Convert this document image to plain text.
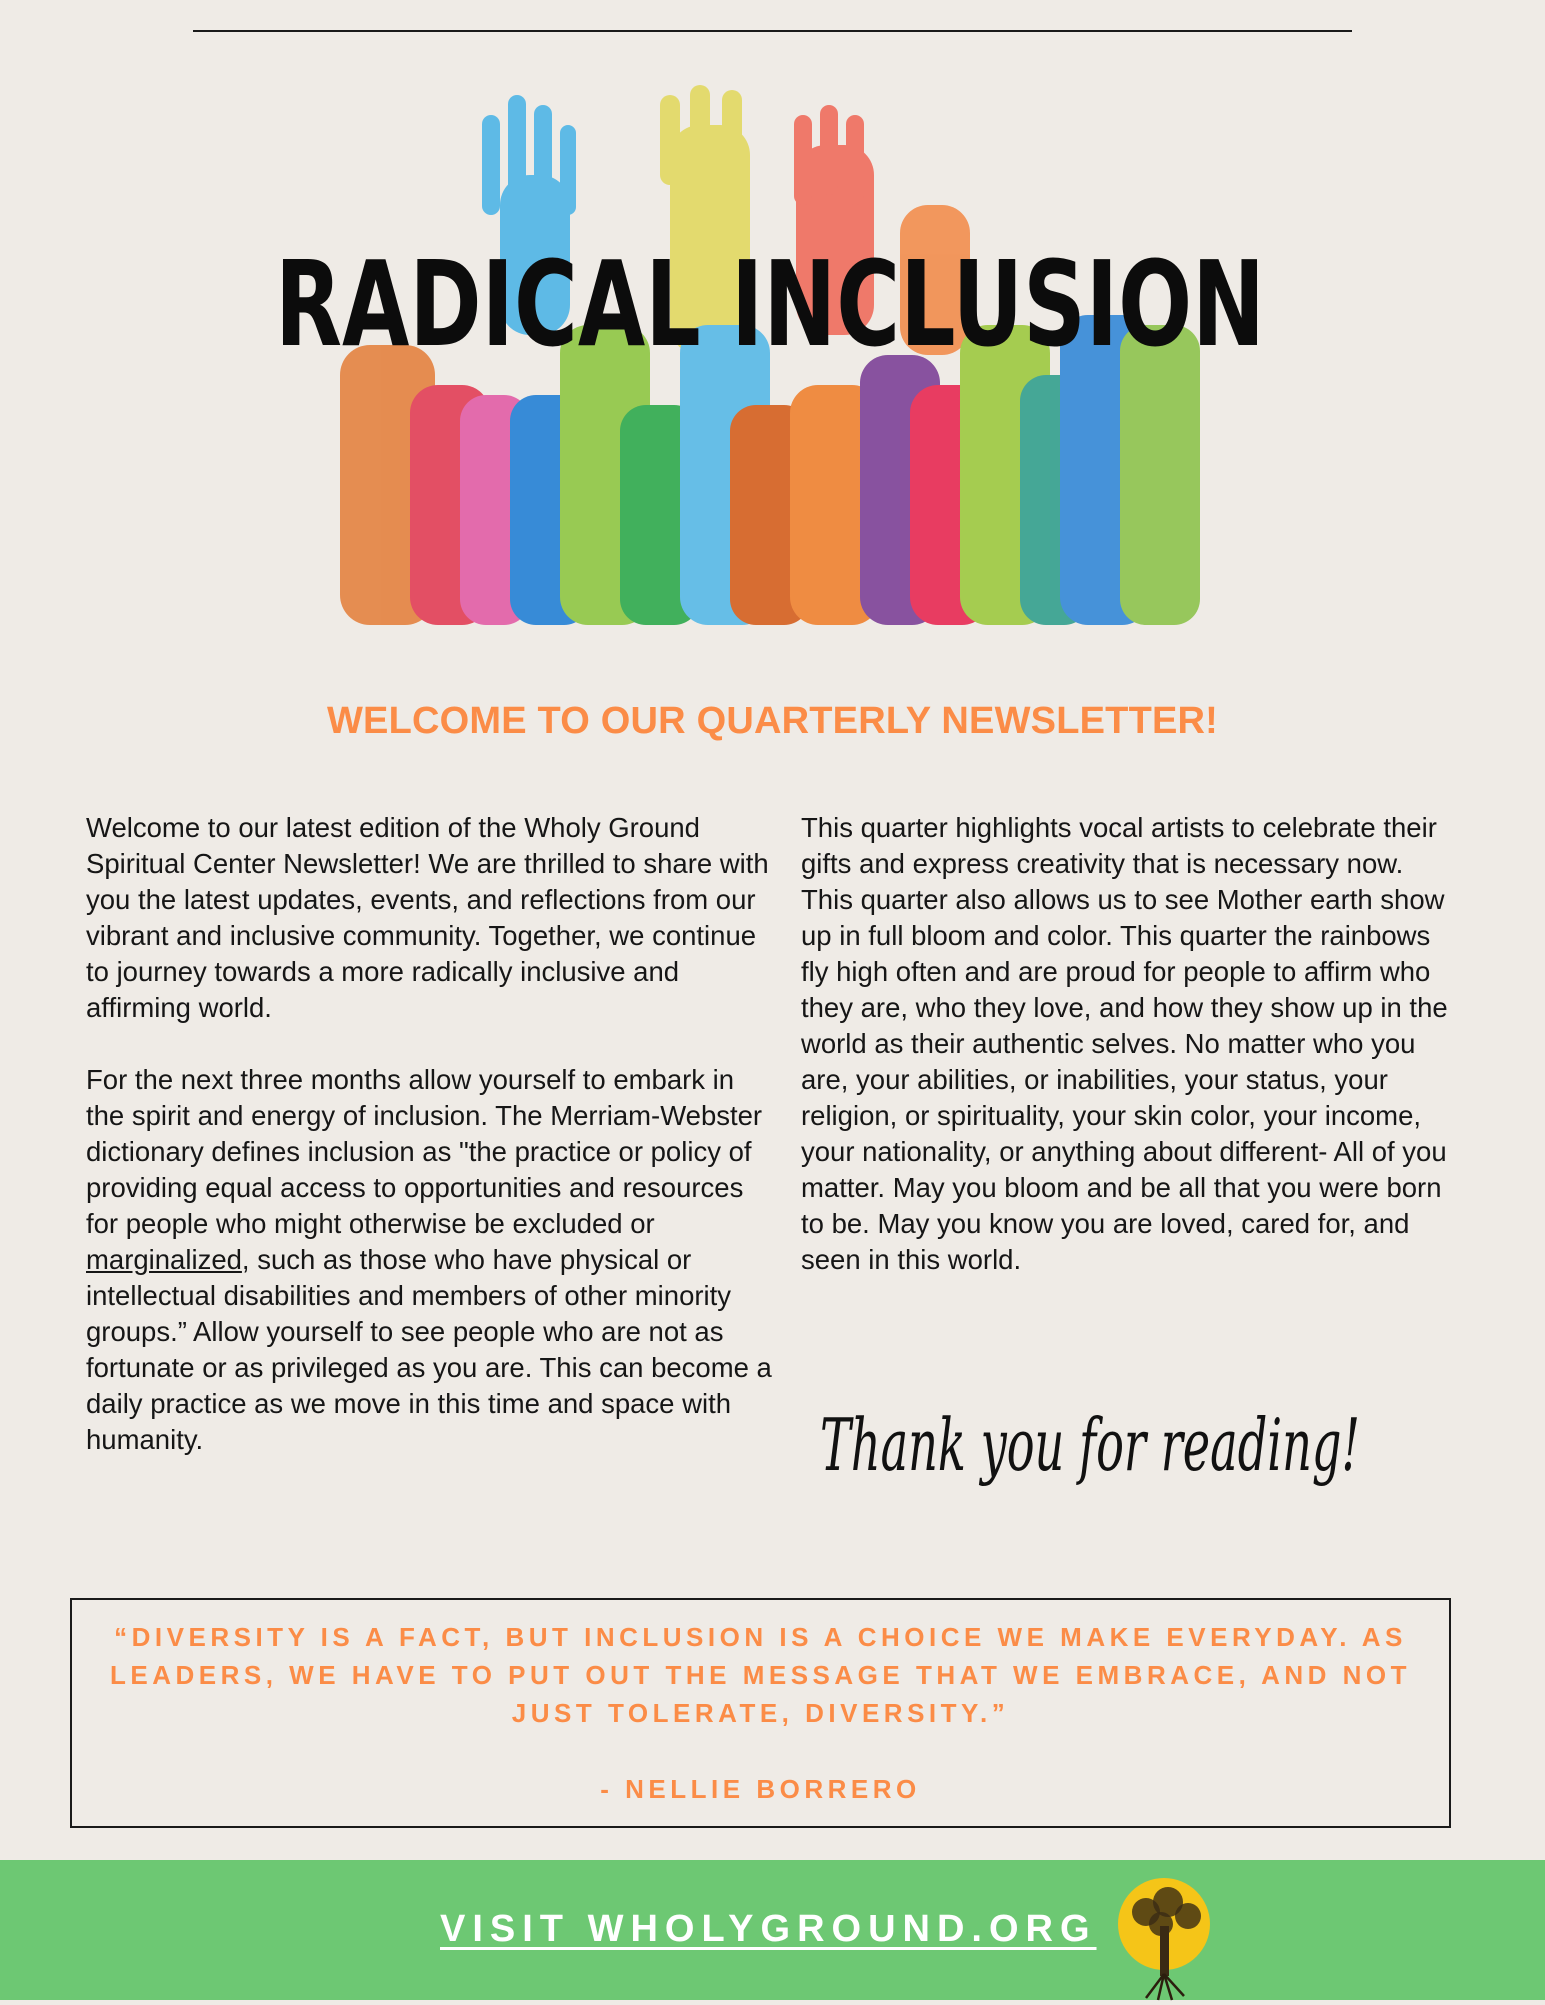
RADICAL INCLUSION
WELCOME TO OUR QUARTERLY NEWSLETTER!

Welcome to our latest edition of the Wholy Ground Spiritual Center Newsletter! We are thrilled to share with you the latest updates, events, and reflections from our vibrant and inclusive community. Together, we continue to journey towards a more radically inclusive and affirming world.

For the next three months allow yourself to embark in the spirit and energy of inclusion. The Merriam-Webster dictionary defines inclusion as "the practice or policy of providing equal access to opportunities and resources for people who might otherwise be excluded or marginalized, such as those who have physical or intellectual disabilities and members of other minority groups.” Allow yourself to see people who are not as fortunate or as privileged as you are. This can become a daily practice as we move in this time and space with humanity.

This quarter highlights vocal artists to celebrate their gifts and express creativity that is necessary now. This quarter also allows us to see Mother earth show up in full bloom and color. This quarter the rainbows fly high often and are proud for people to affirm who they are, who they love, and how they show up in the world as their authentic selves. No matter who you are, your abilities, or inabilities, your status, your religion, or spirituality, your skin color, your income, your nationality, or anything about different- All of you matter. May you bloom and be all that you were born to be. May you know you are loved, cared for, and seen in this world.

Thank you for reading!
“DIVERSITY IS A FACT, BUT INCLUSION IS A CHOICE WE MAKE EVERYDAY. AS LEADERS, WE HAVE TO PUT OUT THE MESSAGE THAT WE EMBRACE, AND NOT JUST TOLERATE, DIVERSITY.”
- NELLIE BORRERO
VISIT WHOLYGROUND.ORG
